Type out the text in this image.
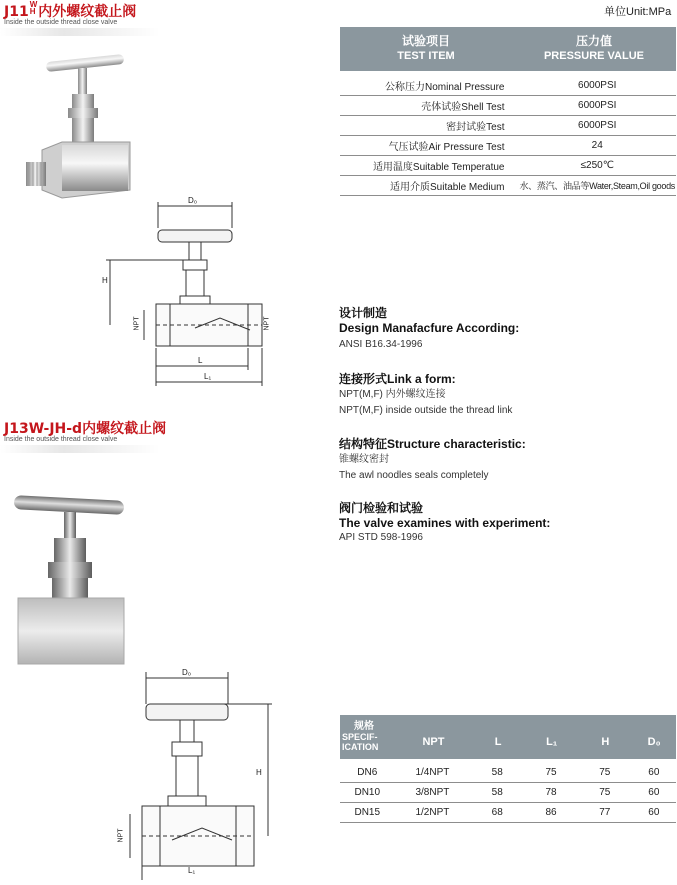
J11 W
H 内外螺纹截止阀
Inside the outside thread close valve
D₀
H
NPT	NPT
L
L₁
单位Unit:MPa
试验项目
TEST ITEM
压力值
PRESSURE VALUE
公称压力Nominal Pressure	6000PSI
壳体试验Shell Test	6000PSI
密封试验Test	6000PSI
气压试验Air Pressure Test	24
适用温度Suitable Temperatue	≤250℃
适用介质Suitable Medium	水、蒸汽、油品等Water,Steam,Oil goods
设计制造
Design Manafacfure According:
ANSI B16.34-1996
连接形式Link a form:
NPT(M,F) 内外螺纹连接
NPT(M,F) inside outside the thread link
结构特征Structure characteristic:
锥螺纹密封
The awl noodles seals completely
阀门检验和试验
The valve examines with experiment:
API STD 598-1996
J13W-JH-d内螺纹截止阀
Inside the outside thread close valve
D₀
H
NPT
L₁
规格
SPECIF-
ICATION	NPT	L	L₁	H	D₀
DN6	1/4NPT	58	75	75	60
DN10	3/8NPT	58	78	75	60
DN15	1/2NPT	68	86	77	60
